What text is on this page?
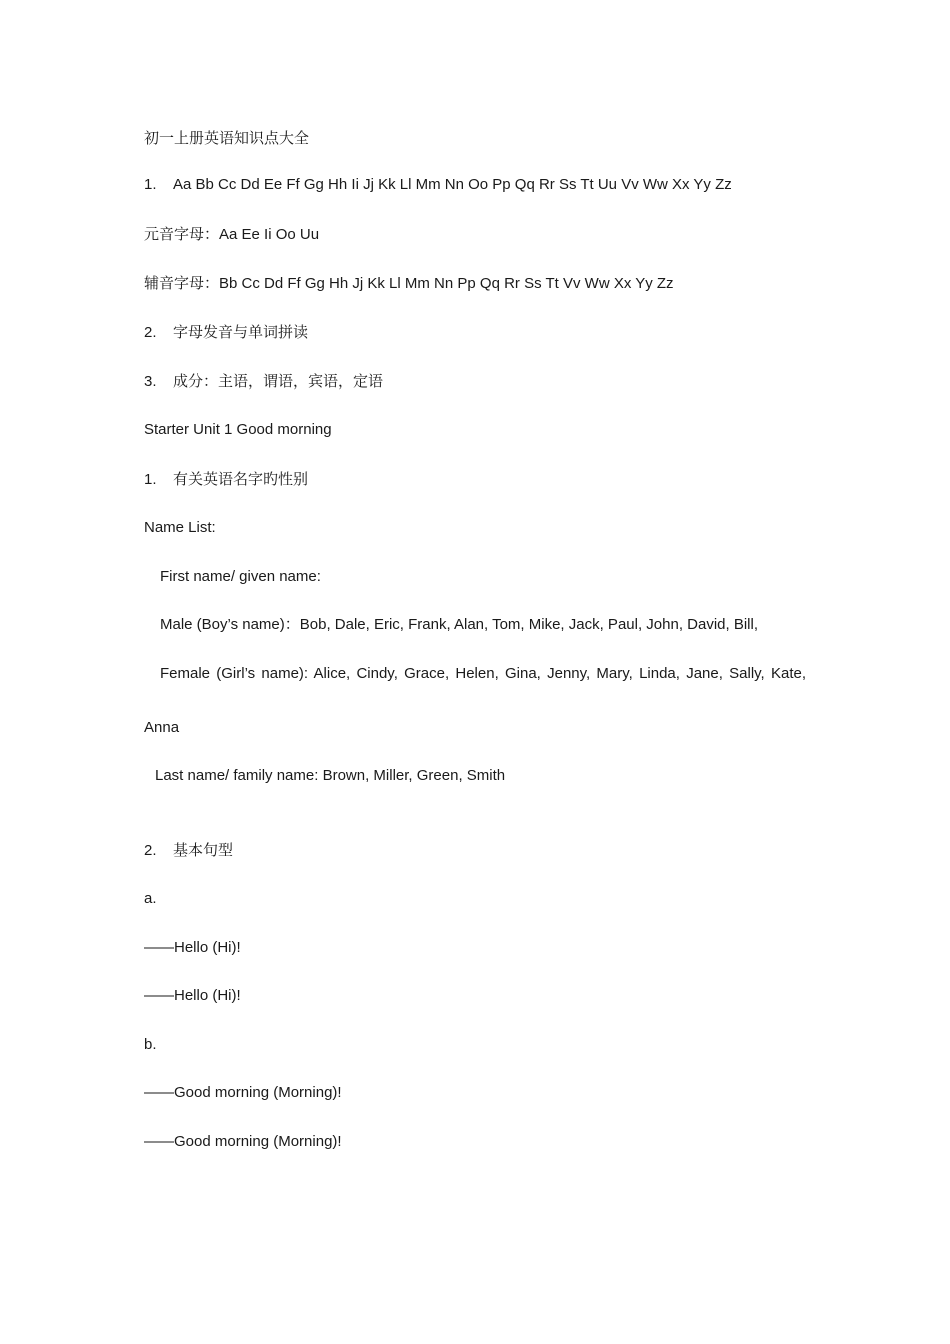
初一上册英语知识点大全
1. Aa Bb Cc Dd Ee Ff Gg Hh Ii Jj Kk Ll Mm Nn Oo Pp Qq Rr Ss Tt Uu Vv Ww Xx Yy Zz
元音字母：Aa Ee Ii Oo Uu
辅音字母：Bb Cc Dd Ff Gg Hh Jj Kk Ll Mm Nn Pp Qq Rr Ss Tt Vv Ww Xx Yy Zz
2. 字母发音与单词拼读
3. 成分：主语，谓语，宾语，定语
Starter Unit 1 Good morning
1. 有关英语名字旳性别
Name List:
First name/ given name:
Male (Boy’s name)：Bob, Dale, Eric, Frank, Alan, Tom, Mike, Jack, Paul, John, David, Bill,
Female (Girl’s name): Alice, Cindy, Grace, Helen, Gina, Jenny, Mary, Linda, Jane, Sally, Kate,
Anna
Last name/ family name: Brown, Miller, Green, Smith
2. 基本句型
a.
——Hello (Hi)!
——Hello (Hi)!
b.
——Good morning (Morning)!
——Good morning (Morning)!
